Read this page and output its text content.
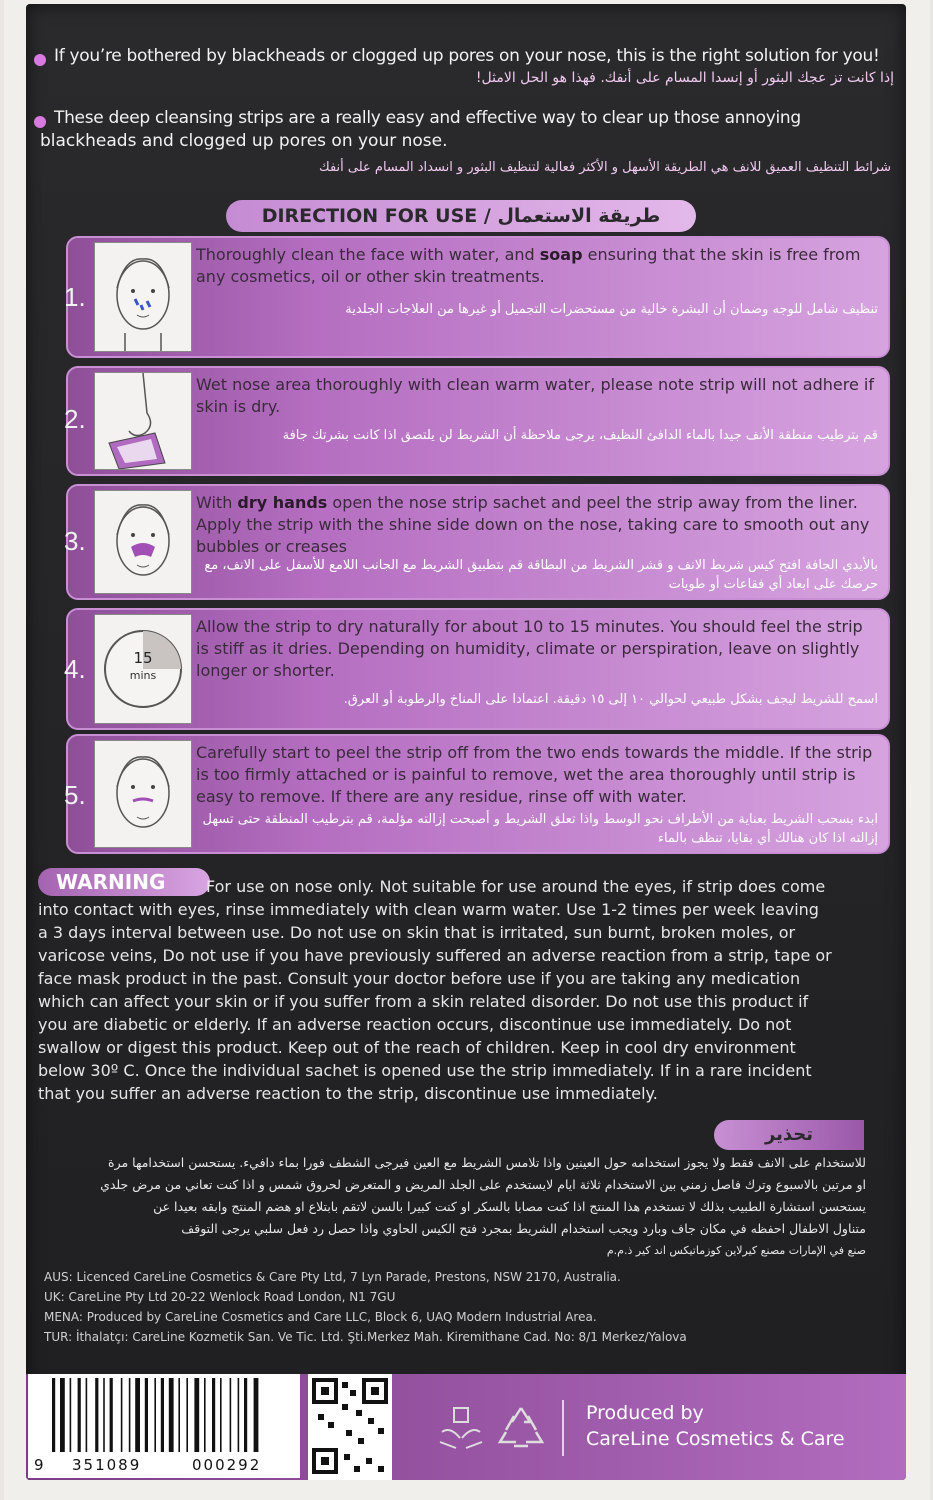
If you’re bothered by blackheads or clogged up pores on your nose, this is the right solution for you!
إذا كانت تز عجك البثور أو إنسدا المسام على أنفك. فهذا هو الحل الامثل!
These deep cleansing strips are a really easy and effective way to clear up those annoying
blackheads and clogged up pores on your nose.
شرائط التنظيف العميق للانف هي الطريقة الأسهل و الأكثر فعالية لتنظيف البثور و انسداد المسام على أنفك
DIRECTION FOR USE / طريقة الاستعمال
1.
Thoroughly clean the face with water, and soap ensuring that the skin is free from any cosmetics, oil or other skin treatments.
تنظيف شامل للوجه وضمان أن البشرة خالية من مستحضرات التجميل أو غيرها من العلاجات الجلدية
2.
Wet nose area thoroughly with clean warm water, please note strip will not adhere if skin is dry.
قم بترطيب منطقة الأنف جيدا بالماء الدافئ النظيف، يرجى ملاحظة أن الشريط لن يلتصق اذا كانت بشرتك جافة
3.
With dry hands open the nose strip sachet and peel the strip away from the liner. Apply the strip with the shine side down on the nose, taking care to smooth out any bubbles or creases
بالأيدي الجافة افتح كيس شريط الانف و قشر الشريط من البطاقة قم بتطبيق الشريط مع الجانب اللامع للأسفل على الانف، مع حرصك على ابعاد أي فقاعات أو طويات
4.	15
mins
Allow the strip to dry naturally for about 10 to 15 minutes. You should feel the strip is stiff as it dries. Depending on humidity, climate or perspiration, leave on slightly longer or shorter.
اسمح للشريط ليجف بشكل طبيعي لحوالي ١٠ إلى ١٥ دقيقة. اعتمادا على المناخ والرطوبة أو العرق.
5.
Carefully start to peel the strip off from the two ends towards the middle. If the strip is too firmly attached or is painful to remove, wet the area thoroughly until strip is easy to remove. If there are any residue, rinse off with water.
ابدء بسحب الشريط بعناية من الأطراف نحو الوسط واذا تعلق الشريط و أصبحت إزالته مؤلمة، قم بترطيب المنطقة حتى تسهل إزالته اذا كان هنالك أي بقايا، تنظف بالماء
WARNING	For use on nose only. Not suitable for use around the eyes, if strip does come
into contact with eyes, rinse immediately with clean warm water. Use 1-2 times per week leaving
a 3 days interval between use. Do not use on skin that is irritated, sun burnt, broken moles, or
varicose veins, Do not use if you have previously suffered an adverse reaction from a strip, tape or
face mask product in the past. Consult your doctor before use if you are taking any medication
which can affect your skin or if you suffer from a skin related disorder. Do not use this product if
you are diabetic or elderly. If an adverse reaction occurs, discontinue use immediately. Do not
swallow or digest this product. Keep out of the reach of children. Keep in cool dry environment
below 30º C. Once the individual sachet is opened use the strip immediately. If in a rare incident
that you suffer an adverse reaction to the strip, discontinue use immediately.
تحذير
للاستخدام على الانف فقط ولا يجوز استخدامه حول العينين واذا تلامس الشريط مع العين فيرجى الشطف فورا بماء دافيء. يستحسن استخدامها مرة
او مرتين بالاسبوع وترك فاصل زمني بين الاستخدام ثلاثة ايام لايستخدم على الجلد المريض و المتعرض لحروق شمس و اذا كنت تعاني من مرض جلدي
يستحسن استشارة الطبيب بذلك لا تستخدم هذا المنتج اذا كنت مصابا بالسكر او كنت كبيرا بالسن لاتقم بابتلاع او هضم المنتج وابقه بعيدا عن
متناول الاطفال احفظه في مكان جاف وبارد ويجب استخدام الشريط بمجرد فتح الكيس الحاوي واذا حصل رد فعل سلبي يرجى التوقف
صنع في الإمارات مصنع كيرلاين كوزماتيكس اند كير ذ.م.م
AUS: Licenced CareLine Cosmetics & Care Pty Ltd, 7 Lyn Parade, Prestons, NSW 2170, Australia.
UK: CareLine Pty Ltd 20-22 Wenlock Road London, N1 7GU
MENA: Produced by CareLine Cosmetics and Care LLC, Block 6, UAQ Modern Industrial Area.
TUR: İthalatçı: CareLine Kozmetik San. Ve Tic. Ltd. Şti.Merkez Mah. Kiremithane Cad. No: 8/1 Merkez/Yalova
9 351089	000292
Produced by
CareLine Cosmetics & Care
